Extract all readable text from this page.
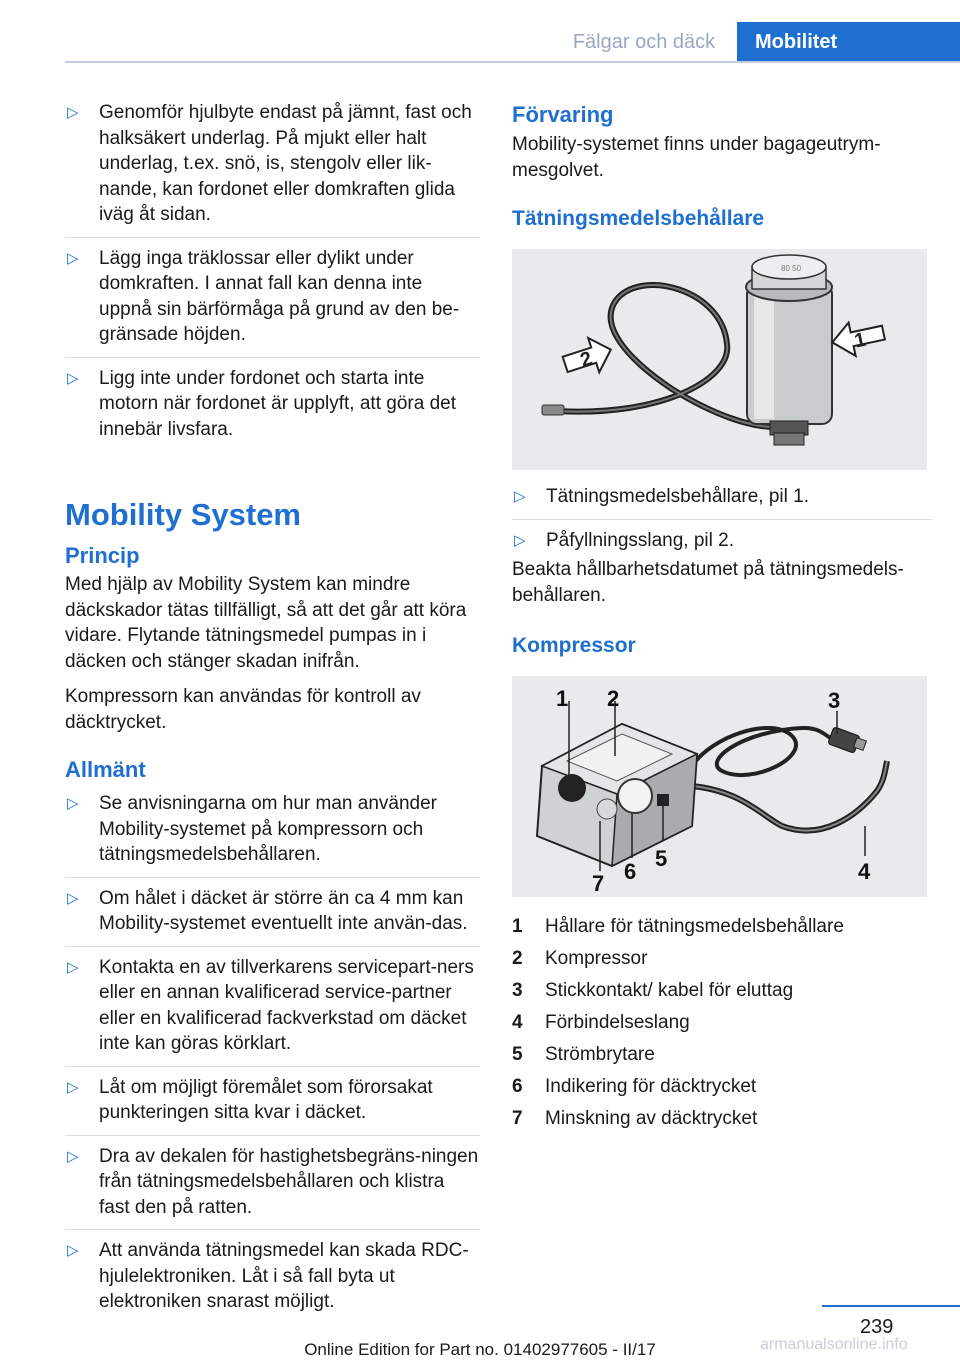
Fälgar och däck	Mobilitet
▷ Genomför hjulbyte endast på jämnt, fast och halksäkert underlag. På mjukt eller halt underlag, t.ex. snö, is, stengolv eller lik‐nande, kan fordonet eller domkraften glida iväg åt sidan.
▷ Lägg inga träklossar eller dylikt under domkraften. I annat fall kan denna inte uppnå sin bärförmåga på grund av den be‐gränsade höjden.
▷ Ligg inte under fordonet och starta inte motorn när fordonet är upplyft, att göra det innebär livsfara.
Mobility System
Princip

Med hjälp av Mobility System kan mindre däckskador tätas tillfälligt, så att det går att köra vidare. Flytande tätningsmedel pumpas in i däcken och stänger skadan inifrån.

Kompressorn kan användas för kontroll av däcktrycket.

Allmänt
▷ Se anvisningarna om hur man använder Mobility-systemet på kompressorn och tätningsmedelsbehållaren.
▷ Om hålet i däcket är större än ca 4 mm kan Mobility-systemet eventuellt inte använ‐das.
▷ Kontakta en av tillverkarens servicepart‐ners eller en annan kvalificerad service‐partner eller en kvalificerad fackverkstad om däcket inte kan göras körklart.
▷ Låt om möjligt föremålet som förorsakat punkteringen sitta kvar i däcket.
▷ Dra av dekalen för hastighetsbegräns‐ningen från tätningsmedelsbehållaren och klistra fast den på ratten.
▷ Att använda tätningsmedel kan skada RDC-hjulelektroniken. Låt i så fall byta ut elektroniken snarast möjligt.
Förvaring

Mobility-systemet finns under bagageutrym‐mesgolvet.

Tätningsmedelsbehållare
80 50
1
2
▷ Tätningsmedelsbehållare, pil 1.
▷ Påfyllningsslang, pil 2.

Beakta hållbarhetsdatumet på tätningsmedels‐behållaren.

Kompressor
1 2	3
4
5
6
7
1	Hållare för tätningsmedelsbehållare
2	Kompressor
3	Stickkontakt/ kabel för eluttag
4	Förbindelseslang
5	Strömbrytare
6	Indikering för däcktrycket
7	Minskning av däcktrycket
239
armanualsonline.info
Online Edition for Part no. 01402977605 - II/17
